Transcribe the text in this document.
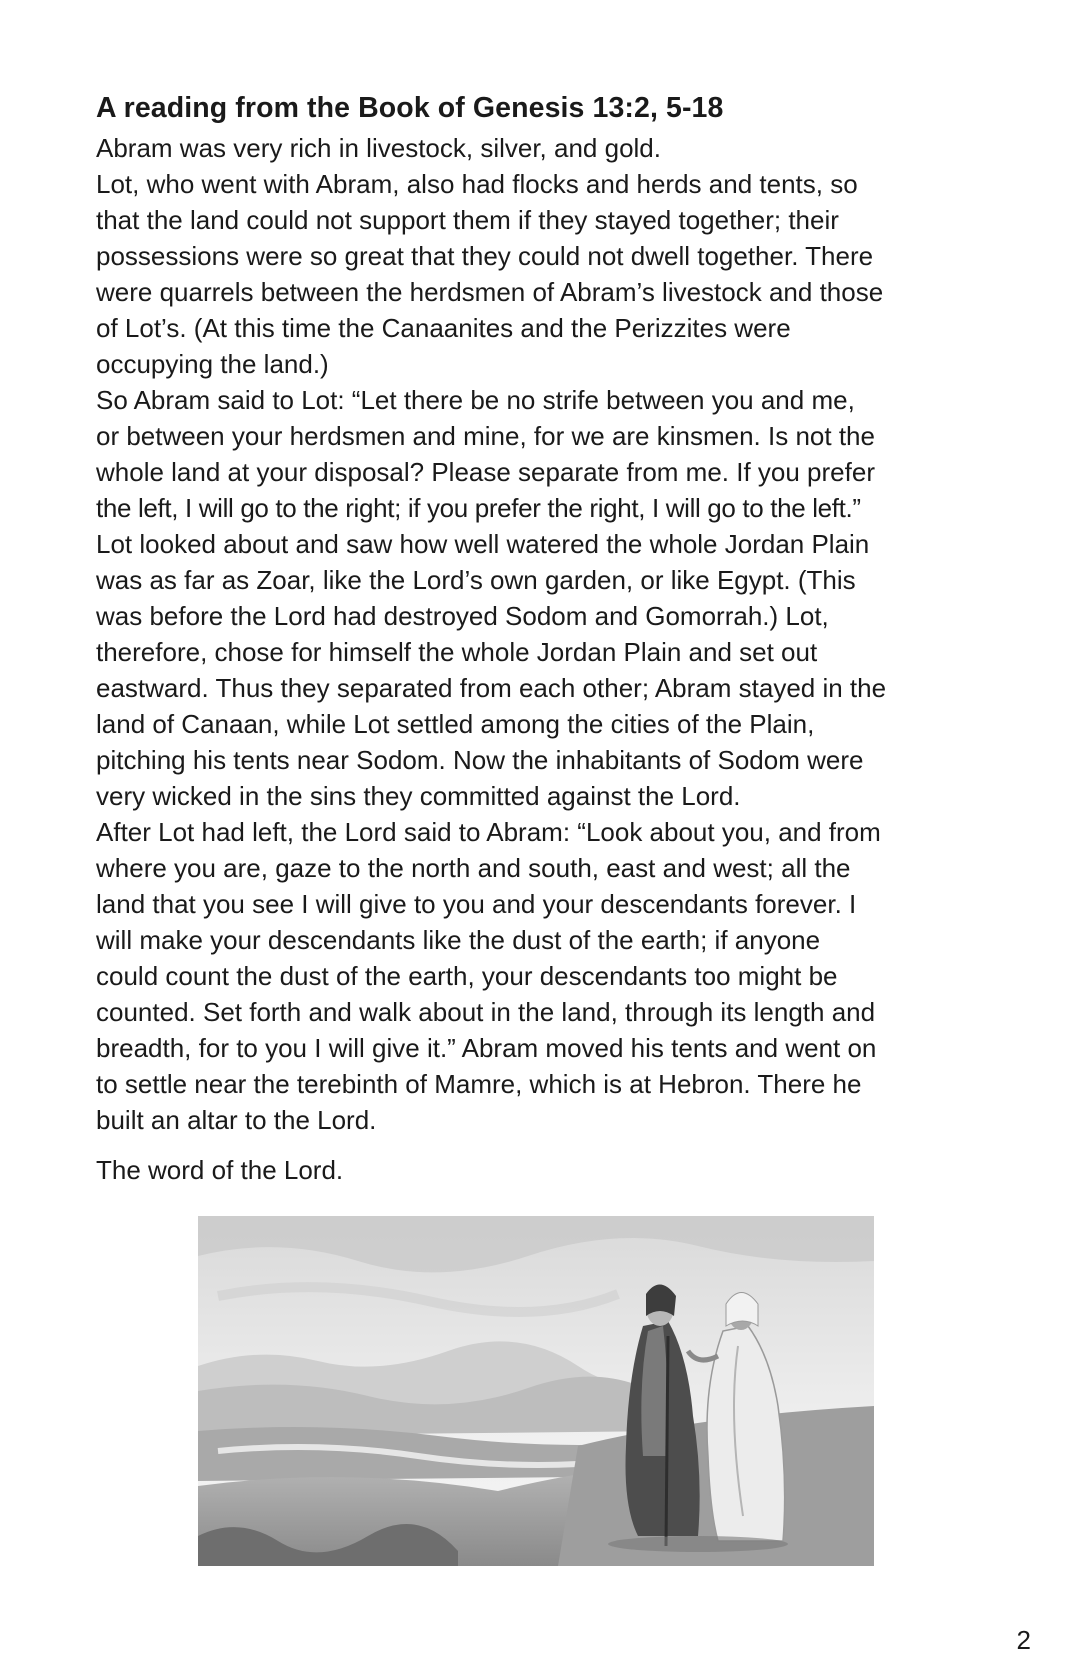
A reading from the Book of Genesis 13:2, 5-18

Abram was very rich in livestock, silver, and gold.
Lot, who went with Abram, also had flocks and herds and tents, so
that the land could not support them if they stayed together; their
possessions were so great that they could not dwell together. There
were quarrels between the herdsmen of Abram’s livestock and those
of Lot’s. (At this time the Canaanites and the Perizzites were
occupying the land.)
So Abram said to Lot: “Let there be no strife between you and me,
or between your herdsmen and mine, for we are kinsmen. Is not the
whole land at your disposal? Please separate from me. If you prefer
the left, I will go to the right; if you prefer the right, I will go to the left.”
Lot looked about and saw how well watered the whole Jordan Plain
was as far as Zoar, like the Lord’s own garden, or like Egypt. (This
was before the Lord had destroyed Sodom and Gomorrah.) Lot,
therefore, chose for himself the whole Jordan Plain and set out
eastward. Thus they separated from each other; Abram stayed in the
land of Canaan, while Lot settled among the cities of the Plain,
pitching his tents near Sodom. Now the inhabitants of Sodom were
very wicked in the sins they committed against the Lord.
After Lot had left, the Lord said to Abram: “Look about you, and from
where you are, gaze to the north and south, east and west; all the
land that you see I will give to you and your descendants forever. I
will make your descendants like the dust of the earth; if anyone
could count the dust of the earth, your descendants too might be
counted. Set forth and walk about in the land, through its length and
breadth, for to you I will give it.” Abram moved his tents and went on
to settle near the terebinth of Mamre, which is at Hebron. There he
built an altar to the Lord.

The word of the Lord.

2
